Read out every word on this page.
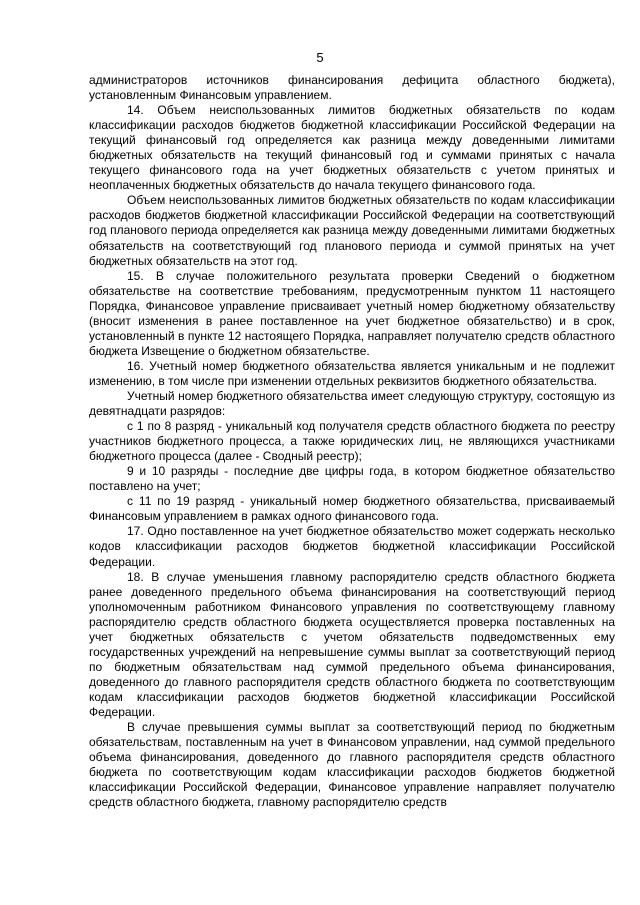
5

администраторов источников финансирования дефицита областного бюджета), установленным Финансовым управлением.

14. Объем неиспользованных лимитов бюджетных обязательств по кодам классификации расходов бюджетов бюджетной классификации Российской Федерации на текущий финансовый год определяется как разница между доведенными лимитами бюджетных обязательств на текущий финансовый год и суммами принятых с начала текущего финансового года на учет бюджетных обязательств с учетом принятых и неоплаченных бюджетных обязательств до начала текущего финансового года.

Объем неиспользованных лимитов бюджетных обязательств по кодам классификации расходов бюджетов бюджетной классификации Российской Федерации на соответствующий год планового периода определяется как разница между доведенными лимитами бюджетных обязательств на соответствующий год планового периода и суммой принятых на учет бюджетных обязательств на этот год.

15. В случае положительного результата проверки Сведений о бюджетном обязательстве на соответствие требованиям, предусмотренным пунктом 11 настоящего Порядка, Финансовое управление присваивает учетный номер бюджетному обязательству (вносит изменения в ранее поставленное на учет бюджетное обязательство) и в срок, установленный в пункте 12 настоящего Порядка, направляет получателю средств областного бюджета Извещение о бюджетном обязательстве.

16. Учетный номер бюджетного обязательства является уникальным и не подлежит изменению, в том числе при изменении отдельных реквизитов бюджетного обязательства.

Учетный номер бюджетного обязательства имеет следующую структуру, состоящую из девятнадцати разрядов:

с 1 по 8 разряд - уникальный код получателя средств областного бюджета по реестру участников бюджетного процесса, а также юридических лиц, не являющихся участниками бюджетного процесса (далее - Сводный реестр);

9 и 10 разряды - последние две цифры года, в котором бюджетное обязательство поставлено на учет;

с 11 по 19 разряд - уникальный номер бюджетного обязательства, присваиваемый Финансовым управлением в рамках одного финансового года.

17. Одно поставленное на учет бюджетное обязательство может содержать несколько кодов классификации расходов бюджетов бюджетной классификации Российской Федерации.

18. В случае уменьшения главному распорядителю средств областного бюджета ранее доведенного предельного объема финансирования на соответствующий период уполномоченным работником Финансового управления по соответствующему главному распорядителю средств областного бюджета осуществляется проверка поставленных на учет бюджетных обязательств с учетом обязательств подведомственных ему государственных учреждений на непревышение суммы выплат за соответствующий период по бюджетным обязательствам над суммой предельного объема финансирования, доведенного до главного распорядителя средств областного бюджета по соответствующим кодам классификации расходов бюджетов бюджетной классификации Российской Федерации.

В случае превышения суммы выплат за соответствующий период по бюджетным обязательствам, поставленным на учет в Финансовом управлении, над суммой предельного объема финансирования, доведенного до главного распорядителя средств областного бюджета по соответствующим кодам классификации расходов бюджетов бюджетной классификации Российской Федерации, Финансовое управление направляет получателю средств областного бюджета, главному распорядителю средств
